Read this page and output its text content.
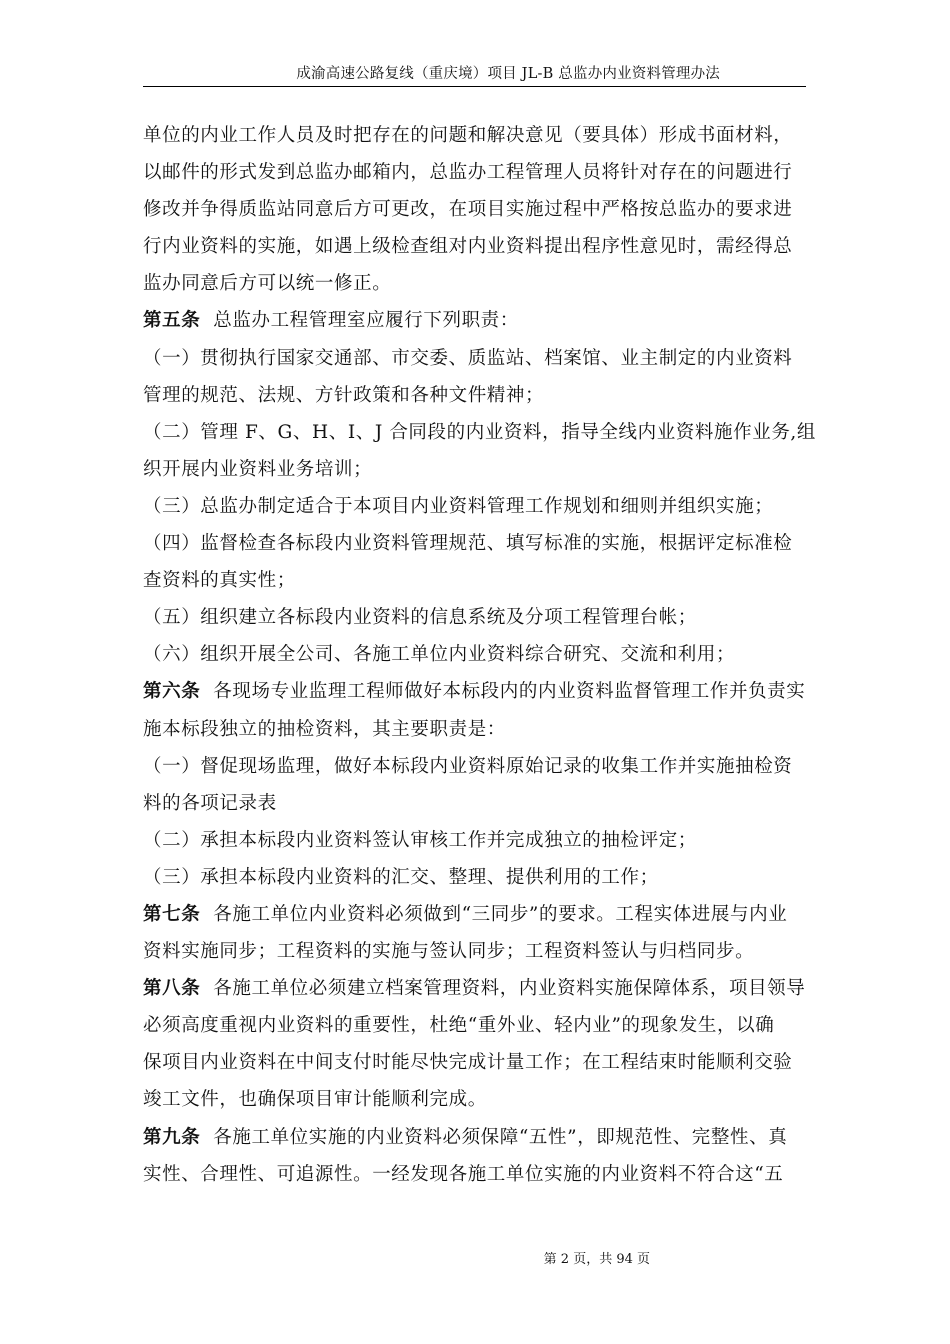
成渝高速公路复线（重庆境）项目 JL-B 总监办内业资料管理办法
单位的内业工作人员及时把存在的问题和解决意见（要具体）形成书面材料，
以邮件的形式发到总监办邮箱内，总监办工程管理人员将针对存在的问题进行
修改并争得质监站同意后方可更改，在项目实施过程中严格按总监办的要求进
行内业资料的实施，如遇上级检查组对内业资料提出程序性意见时，需经得总
监办同意后方可以统一修正。
第五条  总监办工程管理室应履行下列职责：
（一）贯彻执行国家交通部、市交委、质监站、档案馆、业主制定的内业资料
管理的规范、法规、方针政策和各种文件精神；
（二）管理 F、G、H、I、J 合同段的内业资料，指导全线内业资料施作业务,组
织开展内业资料业务培训；
（三）总监办制定适合于本项目内业资料管理工作规划和细则并组织实施；
（四）监督检查各标段内业资料管理规范、填写标准的实施，根据评定标准检
查资料的真实性；
（五）组织建立各标段内业资料的信息系统及分项工程管理台帐；
（六）组织开展全公司、各施工单位内业资料综合研究、交流和利用；
第六条  各现场专业监理工程师做好本标段内的内业资料监督管理工作并负责实
施本标段独立的抽检资料，其主要职责是：
（一）督促现场监理，做好本标段内业资料原始记录的收集工作并实施抽检资
料的各项记录表
（二）承担本标段内业资料签认审核工作并完成独立的抽检评定；
（三）承担本标段内业资料的汇交、整理、提供利用的工作；
第七条  各施工单位内业资料必须做到“三同步”的要求。工程实体进展与内业
资料实施同步；工程资料的实施与签认同步；工程资料签认与归档同步。
第八条  各施工单位必须建立档案管理资料，内业资料实施保障体系，项目领导
必须高度重视内业资料的重要性，杜绝“重外业、轻内业”的现象发生，以确
保项目内业资料在中间支付时能尽快完成计量工作；在工程结束时能顺利交验
竣工文件，也确保项目审计能顺利完成。
第九条  各施工单位实施的内业资料必须保障“五性”，即规范性、完整性、真
实性、合理性、可追源性。一经发现各施工单位实施的内业资料不符合这“五
第 2 页，共 94 页
